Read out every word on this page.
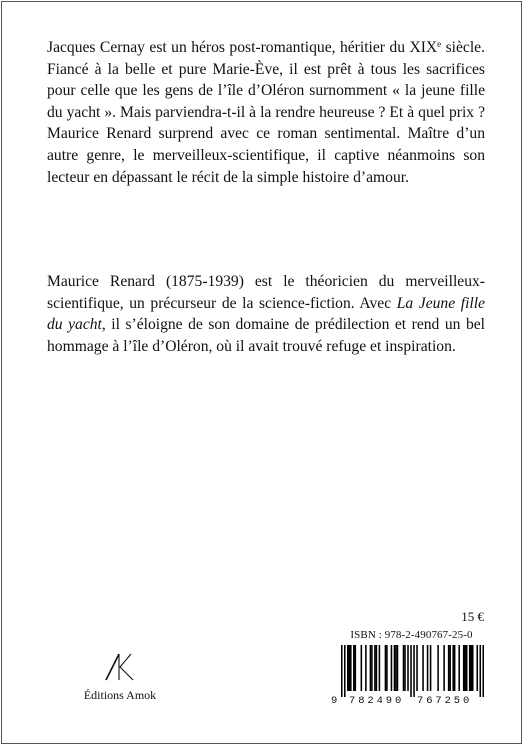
Jacques Cernay est un héros post-romantique, héritier du XIXe siècle. Fiancé à la belle et pure Marie-Ève, il est prêt à tous les sacrifices pour celle que les gens de l’île d’Oléron surnomment « la jeune fille du yacht ». Mais parviendra-t-il à la rendre heureuse ? Et à quel prix ? Maurice Renard surprend avec ce roman sentimental. Maître d’un autre genre, le merveilleux-scientifique, il captive néanmoins son lecteur en dépassant le récit de la simple histoire d’amour.

Maurice Renard (1875-1939) est le théoricien du merveilleux-scientifique, un précurseur de la science-fiction. Avec La Jeune fille du yacht, il s’éloigne de son domaine de prédilection et rend un bel hommage à l’île d’Oléron, où il avait trouvé refuge et inspiration.

15 €
ISBN : 978-2-490767-25-0
9 782490 767250
Éditions Amok
